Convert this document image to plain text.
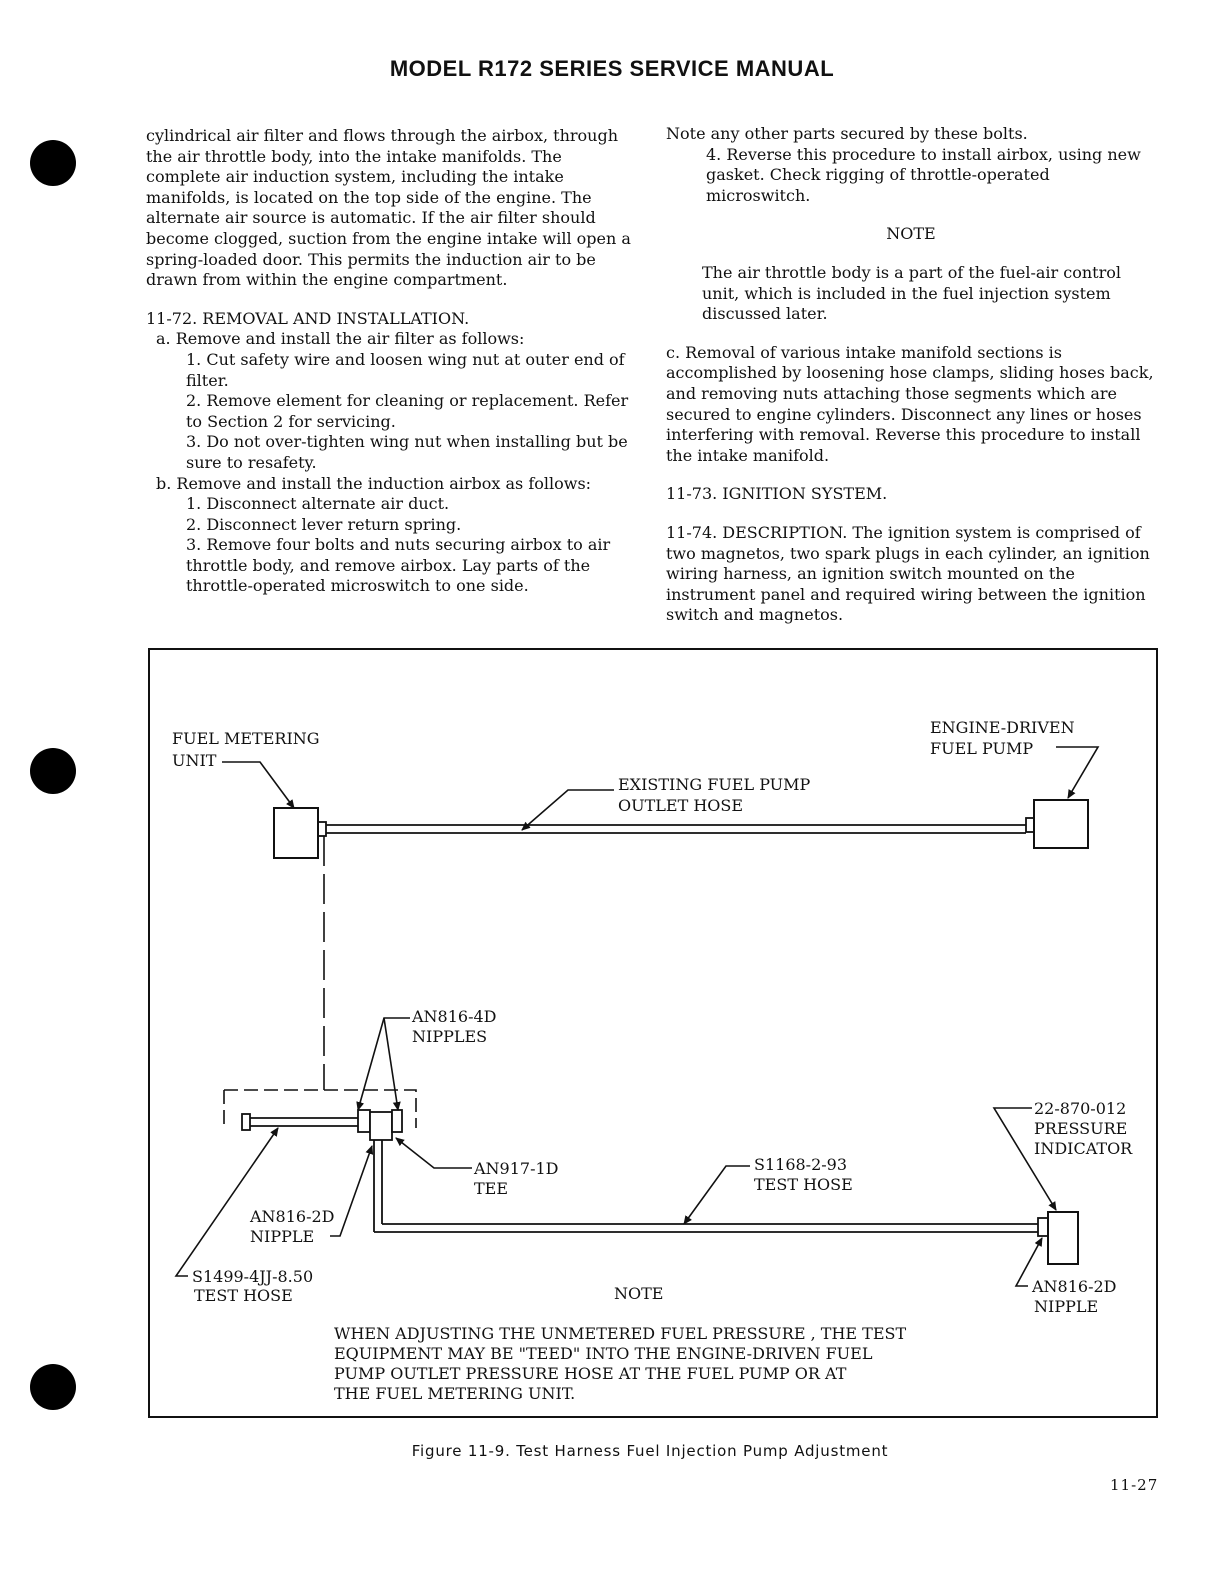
MODEL R172 SERIES SERVICE MANUAL

cylindrical air filter and flows through the airbox, through the air throttle body, into the intake manifolds. The complete air induction system, including the intake manifolds, is located on the top side of the engine. The alternate air source is automatic. If the air filter should become clogged, suction from the engine intake will open a spring-loaded door. This permits the induction air to be drawn from within the engine compartment.

11-72. REMOVAL AND INSTALLATION.

a. Remove and install the air filter as follows:

1. Cut safety wire and loosen wing nut at outer end of filter.

2. Remove element for cleaning or replacement. Refer to Section 2 for servicing.

3. Do not over-tighten wing nut when installing but be sure to resafety.

b. Remove and install the induction airbox as follows:

1. Disconnect alternate air duct.

2. Disconnect lever return spring.

3. Remove four bolts and nuts securing airbox to air throttle body, and remove airbox. Lay parts of the throttle-operated microswitch to one side.

Note any other parts secured by these bolts.

4. Reverse this procedure to install airbox, using new gasket. Check rigging of throttle-operated microswitch.

NOTE

The air throttle body is a part of the fuel-air control unit, which is included in the fuel injection system discussed later.

c. Removal of various intake manifold sections is accomplished by loosening hose clamps, sliding hoses back, and removing nuts attaching those segments which are secured to engine cylinders. Disconnect any lines or hoses interfering with removal. Reverse this procedure to install the intake manifold.

11-73. IGNITION SYSTEM.

11-74. DESCRIPTION. The ignition system is comprised of two magnetos, two spark plugs in each cylinder, an ignition wiring harness, an ignition switch mounted on the instrument panel and required wiring between the ignition switch and magnetos.

FUEL METERING
UNIT
ENGINE-DRIVEN
FUEL PUMP
EXISTING FUEL PUMP
OUTLET HOSE
AN816-4D
NIPPLES
22-870-012
PRESSURE
INDICATOR
AN917-1D
TEE
S1168-2-93
TEST HOSE
AN816-2D
NIPPLE
S1499-4JJ-8.50
TEST HOSE	AN816-2D
NIPPLE
NOTE
WHEN ADJUSTING THE UNMETERED FUEL PRESSURE , THE TEST
EQUIPMENT MAY BE "TEED" INTO THE ENGINE-DRIVEN FUEL
PUMP OUTLET PRESSURE HOSE AT THE FUEL PUMP OR AT
THE FUEL METERING UNIT.
Figure 11-9. Test Harness Fuel Injection Pump Adjustment
11-27
